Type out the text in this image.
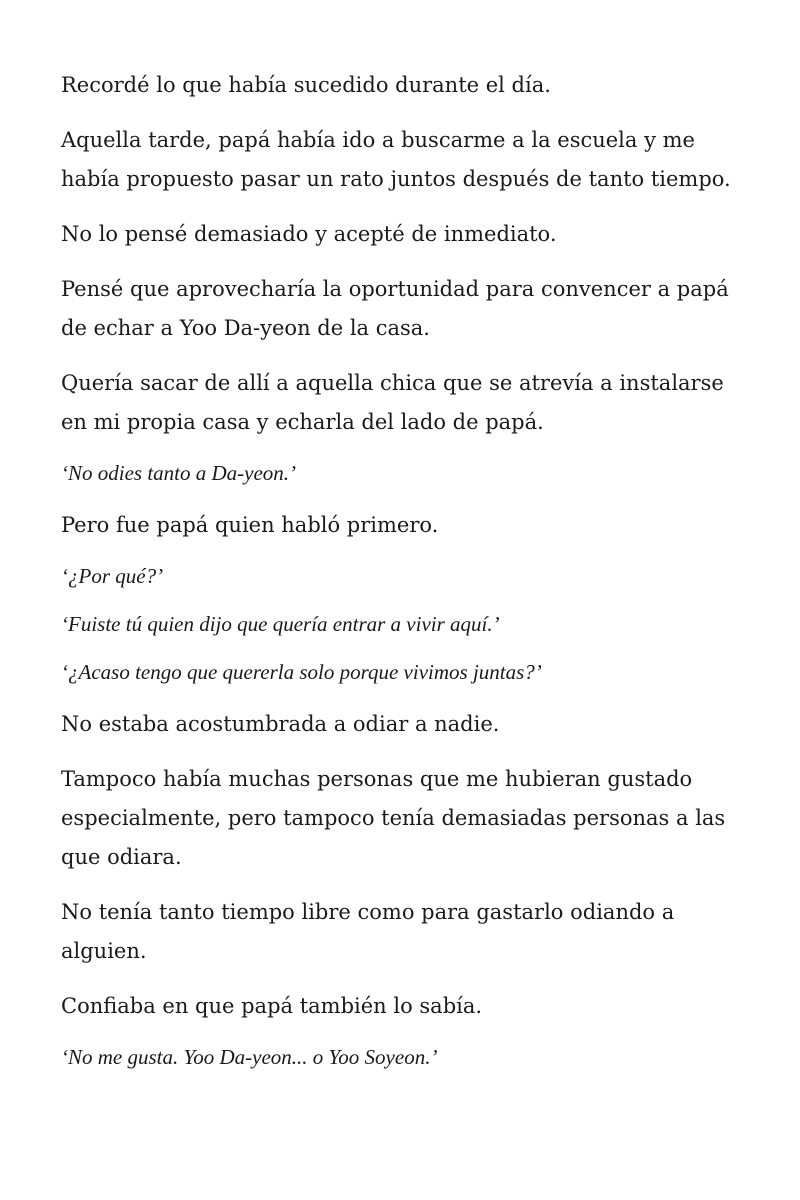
Recordé lo que había sucedido durante el día.

Aquella tarde, papá había ido a buscarme a la escuela y me había propuesto pasar un rato juntos después de tanto tiempo.

No lo pensé demasiado y acepté de inmediato.

Pensé que aprovecharía la oportunidad para convencer a papá de echar a Yoo Da-yeon de la casa.

Quería sacar de allí a aquella chica que se atrevía a instalarse en mi propia casa y echarla del lado de papá.

‘No odies tanto a Da-yeon.’

Pero fue papá quien habló primero.

‘¿Por qué?’

‘Fuiste tú quien dijo que quería entrar a vivir aquí.’

‘¿Acaso tengo que quererla solo porque vivimos juntas?’

No estaba acostumbrada a odiar a nadie.

Tampoco había muchas personas que me hubieran gustado especialmente, pero tampoco tenía demasiadas personas a las que odiara.

No tenía tanto tiempo libre como para gastarlo odiando a alguien.

Confiaba en que papá también lo sabía.

‘No me gusta. Yoo Da-yeon... o Yoo Soyeon.’
